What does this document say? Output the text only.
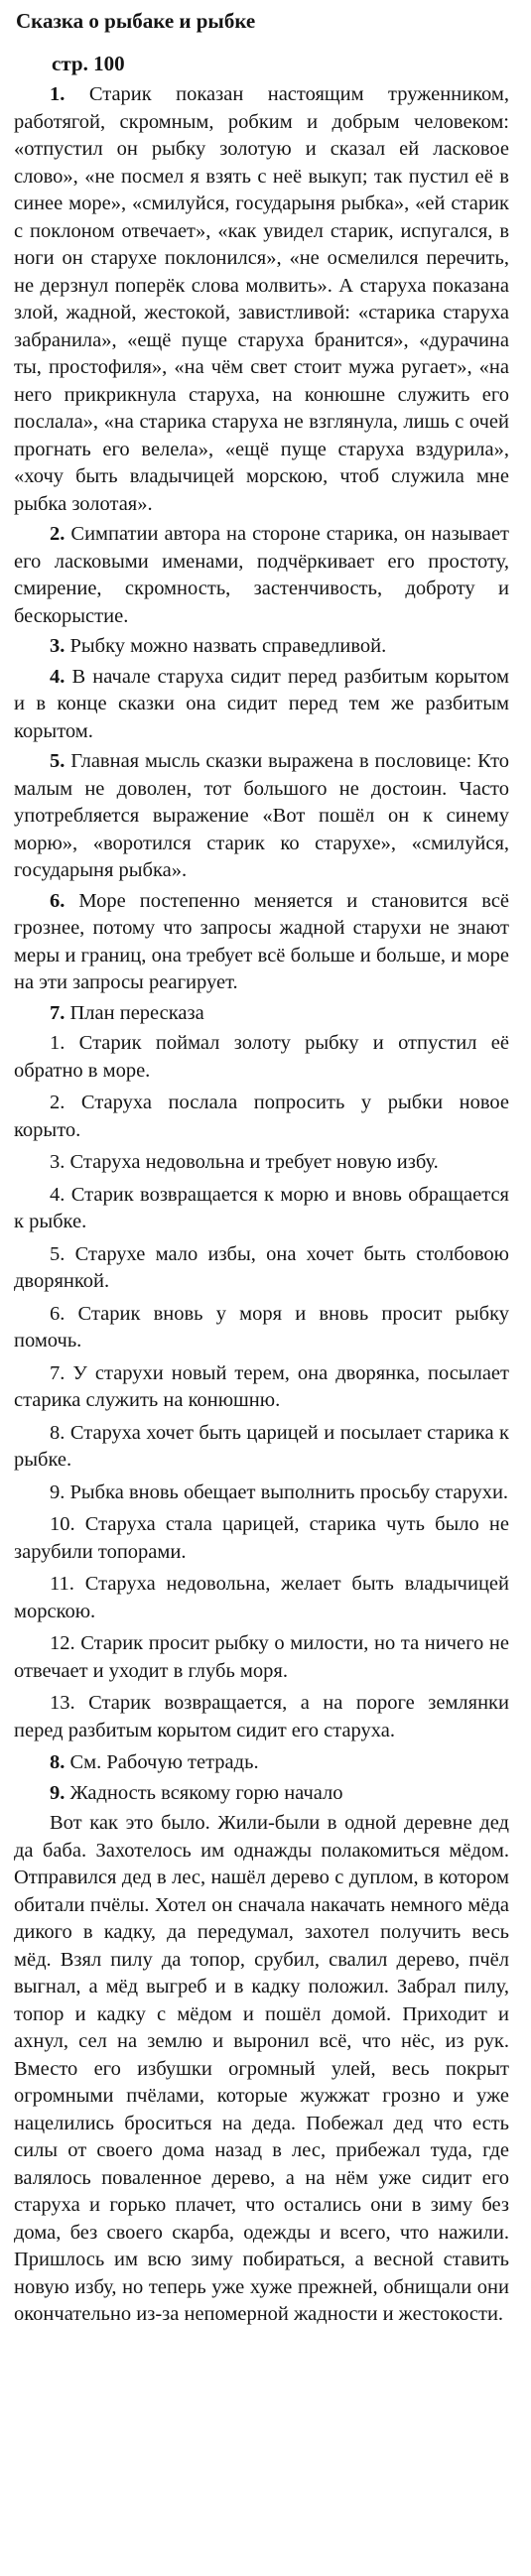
Сказка о рыбаке и рыбке
стр. 100

1. Старик показан настоящим труженником, работягой, скромным, робким и добрым человеком: «отпустил он рыбку золотую и сказал ей ласковое слово», «не посмел я взять с неё выкуп; так пустил её в синее море», «смилуйся, государыня рыбка», «ей старик с поклоном отвечает», «как увидел старик, испугался, в ноги он старухе поклонился», «не осмелился перечить, не дерзнул поперёк слова молвить». А старуха показана злой, жадной, жестокой, завистливой: «старика старуха забранила», «ещё пуще старуха бранится», «дурачина ты, простофиля», «на чём свет стоит мужа ругает», «на него прикрикнула старуха, на конюшне служить его послала», «на старика старуха не взглянула, лишь с очей прогнать его велела», «ещё пуще старуха вздурила», «хочу быть владычицей морскою, чтоб служила мне рыбка золотая».

2. Симпатии автора на стороне старика, он называет его ласковыми именами, подчёркивает его простоту, смирение, скромность, застенчивость, доброту и бескорыстие.

3. Рыбку можно назвать справедливой.

4. В начале старуха сидит перед разбитым корытом и в конце сказки она сидит перед тем же разбитым корытом.

5. Главная мысль сказки выражена в пословице: Кто малым не доволен, тот большого не достоин. Часто употребляется выражение «Вот пошёл он к синему морю», «воротился старик ко старухе», «смилуйся, государыня рыбка».

6. Море постепенно меняется и становится всё грознее, потому что запросы жадной старухи не знают меры и границ, она требует всё больше и больше, и море на эти запросы реагирует.

7. План пересказа

1. Старик поймал золоту рыбку и отпустил её обратно в море.
2. Старуха послала попросить у рыбки новое корыто.
3. Старуха недовольна и требует новую избу.
4. Старик возвращается к морю и вновь обращается к рыбке.
5. Старухе мало избы, она хочет быть столбовою дворянкой.
6. Старик вновь у моря и вновь просит рыбку помочь.
7. У старухи новый терем, она дворянка, посылает старика служить на конюшню.
8. Старуха хочет быть царицей и посылает старика к рыбке.
9. Рыбка вновь обещает выполнить просьбу старухи.
10. Старуха стала царицей, старика чуть было не зарубили топорами.
11. Старуха недовольна, желает быть владычицей морскою.
12. Старик просит рыбку о милости, но та ничего не отвечает и уходит в глубь моря.
13. Старик возвращается, а на пороге землянки перед разбитым корытом сидит его старуха.

8. См. Рабочую тетрадь.

9. Жадность всякому горю начало

Вот как это было. Жили-были в одной деревне дед да баба. Захотелось им однажды полакомиться мёдом. Отправился дед в лес, нашёл дерево с дуплом, в котором обитали пчёлы. Хотел он сначала накачать немного мёда дикого в кадку, да передумал, захотел получить весь мёд. Взял пилу да топор, срубил, свалил дерево, пчёл выгнал, а мёд выгреб и в кадку положил. Забрал пилу, топор и кадку с мёдом и пошёл домой. Приходит и ахнул, сел на землю и выронил всё, что нёс, из рук. Вместо его избушки огромный улей, весь покрыт огромными пчёлами, которые жужжат грозно и уже нацелились броситься на деда. Побежал дед что есть силы от своего дома назад в лес, прибежал туда, где валялось поваленное дерево, а на нём уже сидит его старуха и горько плачет, что остались они в зиму без дома, без своего скарба, одежды и всего, что нажили. Пришлось им всю зиму побираться, а весной ставить новую избу, но теперь уже хуже прежней, обнищали они окончательно из-за непомерной жадности и жестокости.
